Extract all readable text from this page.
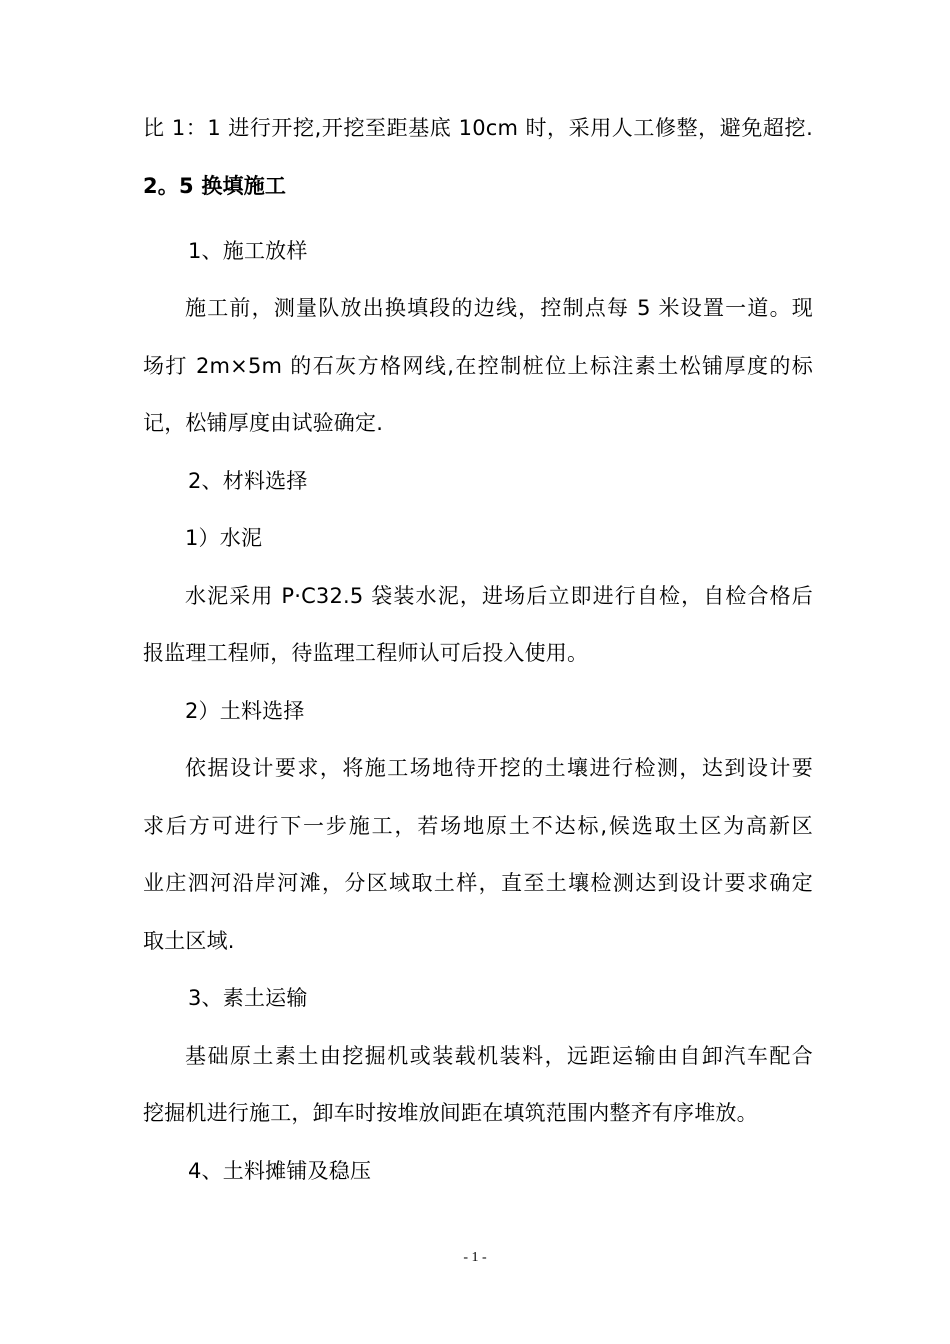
比 1：1 进行开挖,开挖至距基底 10cm 时，采用人工修整，避免超挖.
2。5 换填施工
1、施工放样
施工前，测量队放出换填段的边线，控制点每 5 米设置一道。现
场打 2m×5m 的石灰方格网线,在控制桩位上标注素土松铺厚度的标
记，松铺厚度由试验确定.
2、材料选择
1）水泥
水泥采用 P·C32.5 袋装水泥，进场后立即进行自检，自检合格后
报监理工程师，待监理工程师认可后投入使用。
2）土料选择
依据设计要求，将施工场地待开挖的土壤进行检测，达到设计要
求后方可进行下一步施工，若场地原土不达标,候选取土区为高新区
业庄泗河沿岸河滩，分区域取土样，直至土壤检测达到设计要求确定
取土区域.
3、素土运输
基础原土素土由挖掘机或装载机装料，远距运输由自卸汽车配合
挖掘机进行施工，卸车时按堆放间距在填筑范围内整齐有序堆放。
4、土料摊铺及稳压
- 1 -
